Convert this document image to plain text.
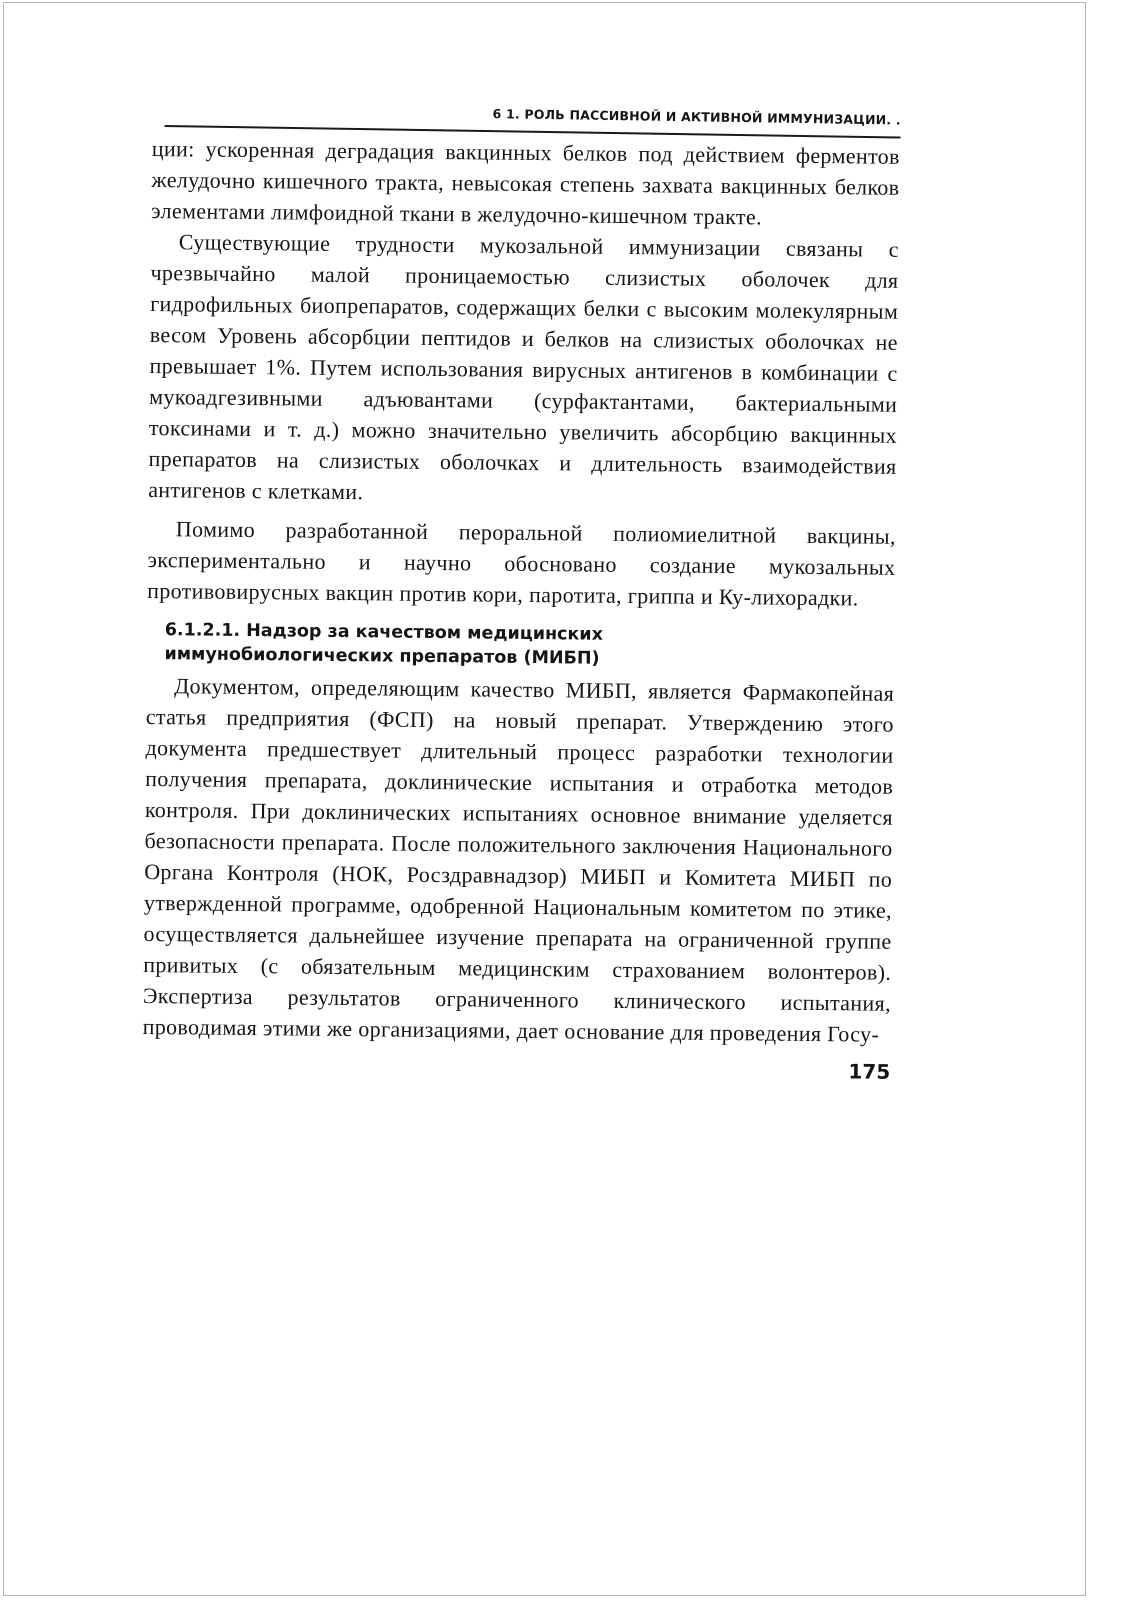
6 1. РОЛЬ ПАССИВНОЙ И АКТИВНОЙ ИММУНИЗАЦИИ. .

ции: ускоренная деградация вакцинных белков под действием ферментов желудочно кишечного тракта, невысокая степень захвата вакцинных белков элементами лимфоидной ткани в желудочно-кишечном тракте.

Существующие трудности мукозальной иммунизации связаны с чрезвычайно малой проницаемостью слизистых оболочек для гидрофильных биопрепаратов, содержащих белки с высоким молекулярным весом Уровень абсорбции пептидов и белков на слизистых оболочках не превышает 1%. Путем использования вирусных антигенов в комбинации с мукоадгезивными адъювантами (сурфактантами, бактериальными токсинами и т. д.) можно значительно увеличить абсорбцию вакцинных препаратов на слизистых оболочках и длительность взаимодействия антигенов с клетками.

Помимо разработанной пероральной полиомиелитной вакцины, экспериментально и научно обосновано создание мукозальных противовирусных вакцин против кори, паротита, гриппа и Ку-лихорадки.

6.1.2.1. Надзор за качеством медицинских
иммунобиологических препаратов (МИБП)

Документом, определяющим качество МИБП, является Фармакопейная статья предприятия (ФСП) на новый препарат. Утверждению этого документа предшествует длительный процесс разработки технологии получения препарата, доклинические испытания и отработка методов контроля. При доклинических испытаниях основное внимание уделяется безопасности препарата. После положительного заключения Национального Органа Контроля (НОК, Росздравнадзор) МИБП и Комитета МИБП по утвержденной программе, одобренной Национальным комитетом по этике, осуществляется дальнейшее изучение препарата на ограниченной группе привитых (с обязательным медицинским страхованием волонтеров). Экспертиза результатов ограниченного клинического испытания, проводимая этими же организациями, дает основание для проведения Госу-

175
